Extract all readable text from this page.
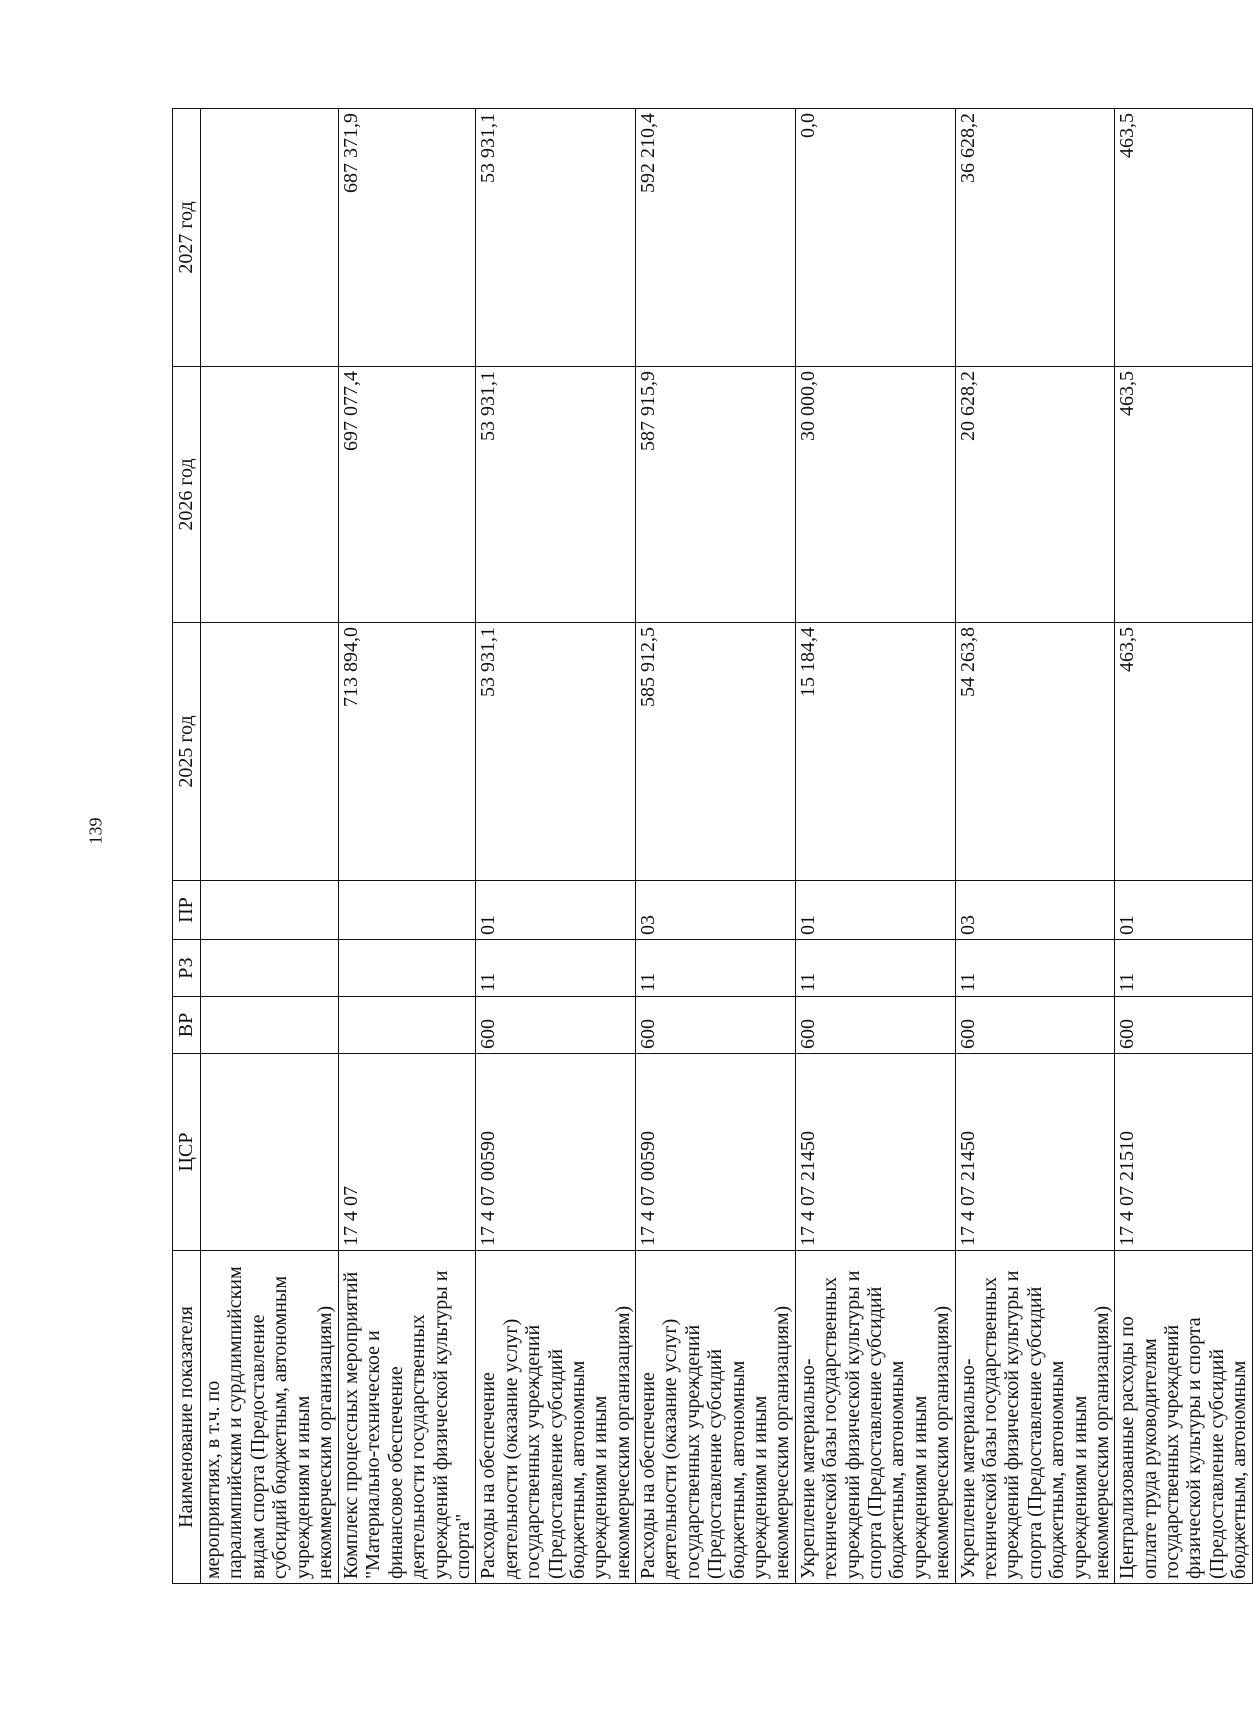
139
Наименование показателя	ЦСР	ВР	РЗ	ПР	2025 год	2026 год	2027 год
мероприятиях, в т.ч. по паралимпийским и сурдлимпийским видам спорта (Предоставление субсидий бюджетным, автономным учреждениям и иным некоммерческим организациям)							
Комплекс процессных мероприятий "Материально-техническое и финансовое обеспечение деятельности государственных учреждений физической культуры и спорта"	17 4 07				713 894,0	697 077,4	687 371,9
Расходы на обеспечение деятельности (оказание услуг) государственных учреждений (Предоставление субсидий бюджетным, автономным учреждениям и иным некоммерческим организациям)	17 4 07 00590	600	11	01	53 931,1	53 931,1	53 931,1
Расходы на обеспечение деятельности (оказание услуг) государственных учреждений (Предоставление субсидий бюджетным, автономным учреждениям и иным некоммерческим организациям)	17 4 07 00590	600	11	03	585 912,5	587 915,9	592 210,4
Укрепление материально-технической базы государственных учреждений физической культуры и спорта (Предоставление субсидий бюджетным, автономным учреждениям и иным некоммерческим организациям)	17 4 07 21450	600	11	01	15 184,4	30 000,0	0,0
Укрепление материально-технической базы государственных учреждений физической культуры и спорта (Предоставление субсидий бюджетным, автономным учреждениям и иным некоммерческим организациям)	17 4 07 21450	600	11	03	54 263,8	20 628,2	36 628,2
Централизованные расходы по оплате труда руководителям государственных учреждений физической культуры и спорта (Предоставление субсидий бюджетным, автономным	17 4 07 21510	600	11	01	463,5	463,5	463,5
